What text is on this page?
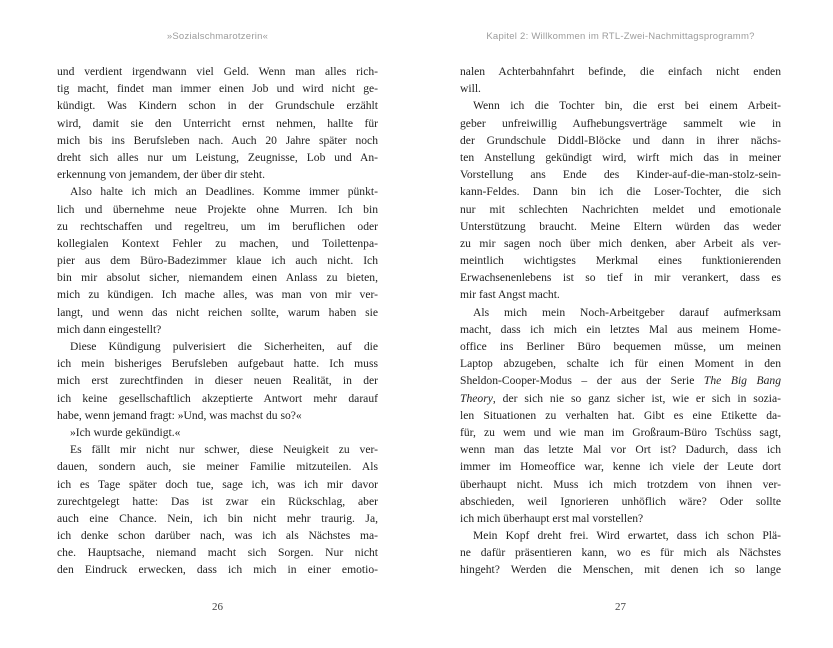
»Sozialschmarotzerin«
und verdient irgendwann viel Geld. Wenn man alles rich-
tig macht, findet man immer einen Job und wird nicht ge-
kündigt. Was Kindern schon in der Grundschule erzählt
wird, damit sie den Unterricht ernst nehmen, hallte für
mich bis ins Berufsleben nach. Auch 20 Jahre später noch
dreht sich alles nur um Leistung, Zeugnisse, Lob und An-
erkennung von jemandem, der über dir steht.
Also halte ich mich an Deadlines. Komme immer pünkt-
lich und übernehme neue Projekte ohne Murren. Ich bin
zu rechtschaffen und regeltreu, um im beruflichen oder
kollegialen Kontext Fehler zu machen, und Toilettenpa-
pier aus dem Büro-Badezimmer klaue ich auch nicht. Ich
bin mir absolut sicher, niemandem einen Anlass zu bieten,
mich zu kündigen. Ich mache alles, was man von mir ver-
langt, und wenn das nicht reichen sollte, warum haben sie
mich dann eingestellt?
Diese Kündigung pulverisiert die Sicherheiten, auf die
ich mein bisheriges Berufsleben aufgebaut hatte. Ich muss
mich erst zurechtfinden in dieser neuen Realität, in der
ich keine gesellschaftlich akzeptierte Antwort mehr darauf
habe, wenn jemand fragt: »Und, was machst du so?«
»Ich wurde gekündigt.«
Es fällt mir nicht nur schwer, diese Neuigkeit zu ver-
dauen, sondern auch, sie meiner Familie mitzuteilen. Als
ich es Tage später doch tue, sage ich, was ich mir davor
zurechtgelegt hatte: Das ist zwar ein Rückschlag, aber
auch eine Chance. Nein, ich bin nicht mehr traurig. Ja,
ich denke schon darüber nach, was ich als Nächstes ma-
che. Hauptsache, niemand macht sich Sorgen. Nur nicht
den Eindruck erwecken, dass ich mich in einer emotio-
26
Kapitel 2: Willkommen im RTL-Zwei-Nachmittagsprogramm?
nalen Achterbahnfahrt befinde, die einfach nicht enden
will.
Wenn ich die Tochter bin, die erst bei einem Arbeit-
geber unfreiwillig Aufhebungsverträge sammelt wie in
der Grundschule Diddl-Blöcke und dann in ihrer nächs-
ten Anstellung gekündigt wird, wirft mich das in meiner
Vorstellung ans Ende des Kinder-auf-die-man-stolz-sein-
kann-Feldes. Dann bin ich die Loser-Tochter, die sich
nur mit schlechten Nachrichten meldet und emotionale
Unterstützung braucht. Meine Eltern würden das weder
zu mir sagen noch über mich denken, aber Arbeit als ver-
meintlich wichtigstes Merkmal eines funktionierenden
Erwachsenenlebens ist so tief in mir verankert, dass es
mir fast Angst macht.
Als mich mein Noch-Arbeitgeber darauf aufmerksam
macht, dass ich mich ein letztes Mal aus meinem Home-
office ins Berliner Büro bequemen müsse, um meinen
Laptop abzugeben, schalte ich für einen Moment in den
Sheldon-Cooper-Modus – der aus der Serie The Big Bang
Theory, der sich nie so ganz sicher ist, wie er sich in sozia-
len Situationen zu verhalten hat. Gibt es eine Etikette da-
für, zu wem und wie man im Großraum-Büro Tschüss sagt,
wenn man das letzte Mal vor Ort ist? Dadurch, dass ich
immer im Homeoffice war, kenne ich viele der Leute dort
überhaupt nicht. Muss ich mich trotzdem von ihnen ver-
abschieden, weil Ignorieren unhöflich wäre? Oder sollte
ich mich überhaupt erst mal vorstellen?
Mein Kopf dreht frei. Wird erwartet, dass ich schon Plä-
ne dafür präsentieren kann, wo es für mich als Nächstes
hingeht? Werden die Menschen, mit denen ich so lange
27
